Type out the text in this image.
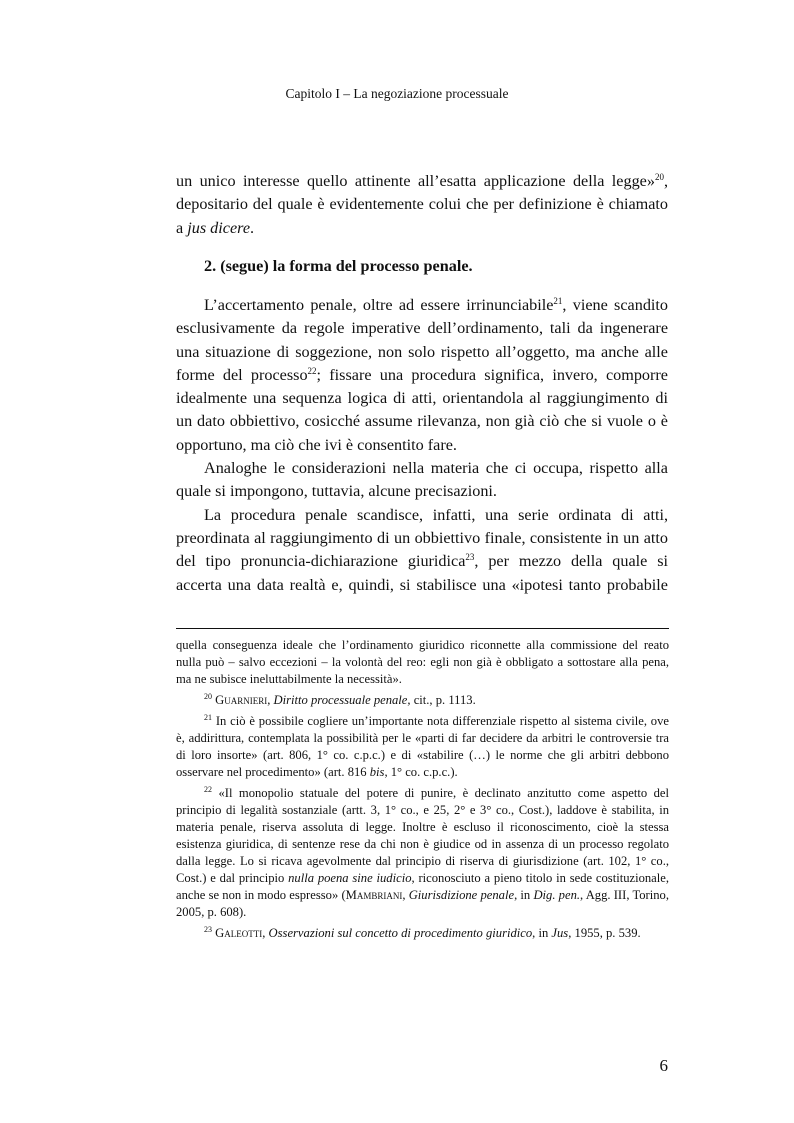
Capitolo I – La negoziazione processuale

un unico interesse quello attinente all’esatta applicazione della legge»$^{20}$, depositario del quale è evidentemente colui che per definizione è chiamato a jus dicere.

2. (segue) la forma del processo penale.

L’accertamento penale, oltre ad essere irrinunciabile$^{21}$, viene scandito esclusivamente da regole imperative dell’ordinamento, tali da ingenerare una situazione di soggezione, non solo rispetto all’oggetto, ma anche alle forme del processo$^{22}$; fissare una procedura significa, invero, comporre idealmente una sequenza logica di atti, orientandola al raggiungimento di un dato obbiettivo, cosicché assume rilevanza, non già ciò che si vuole o è opportuno, ma ciò che ivi è consentito fare.

Analoghe le considerazioni nella materia che ci occupa, rispetto alla quale si impongono, tuttavia, alcune precisazioni.

La procedura penale scandisce, infatti, una serie ordinata di atti, preordinata al raggiungimento di un obbiettivo finale, consistente in un atto del tipo pronuncia-dichiarazione giuridica$^{23}$, per mezzo della quale si accerta una data realtà e, quindi, si stabilisce una «ipotesi tanto probabile

quella conseguenza ideale che l’ordinamento giuridico riconnette alla commissione del reato nulla può – salvo eccezioni – la volontà del reo: egli non già è obbligato a sottostare alla pena, ma ne subisce ineluttabilmente la necessità».

$^{20}$ Guarnieri, Diritto processuale penale, cit., p. 1113.

$^{21}$ In ciò è possibile cogliere un’importante nota differenziale rispetto al sistema civile, ove è, addirittura, contemplata la possibilità per le «parti di far decidere da arbitri le controversie tra di loro insorte» (art. 806, 1° co. c.p.c.) e di «stabilire (…) le norme che gli arbitri debbono osservare nel procedimento» (art. 816 bis, 1° co. c.p.c.).

$^{22}$ «Il monopolio statuale del potere di punire, è declinato anzitutto come aspetto del principio di legalità sostanziale (artt. 3, 1° co., e 25, 2° e 3° co., Cost.), laddove è stabilita, in materia penale, riserva assoluta di legge. Inoltre è escluso il riconoscimento, cioè la stessa esistenza giuridica, di sentenze rese da chi non è giudice od in assenza di un processo regolato dalla legge. Lo si ricava agevolmente dal principio di riserva di giurisdizione (art. 102, 1° co., Cost.) e dal principio nulla poena sine iudicio, riconosciuto a pieno titolo in sede costituzionale, anche se non in modo espresso» (Mambriani, Giurisdizione penale, in Dig. pen., Agg. III, Torino, 2005, p. 608).

$^{23}$ Galeotti, Osservazioni sul concetto di procedimento giuridico, in Jus, 1955, p. 539.

6
